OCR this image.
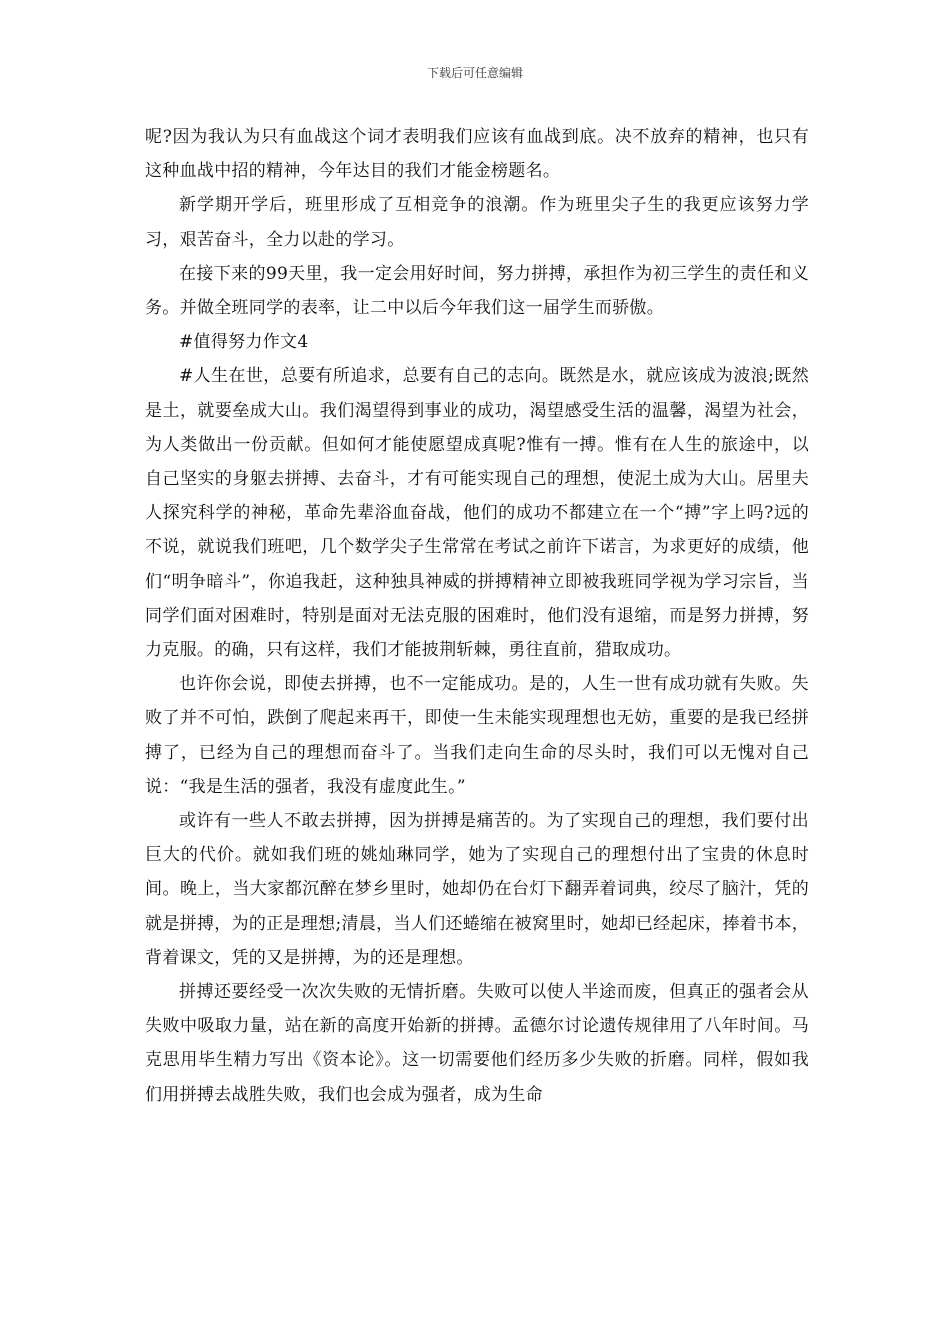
下载后可任意编辑

呢?因为我认为只有血战这个词才表明我们应该有血战到底。决不放弃的精神，也只有这种血战中招的精神，今年达目的我们才能金榜题名。

新学期开学后，班里形成了互相竞争的浪潮。作为班里尖子生的我更应该努力学习，艰苦奋斗，全力以赴的学习。

在接下来的99天里，我一定会用好时间，努力拼搏，承担作为初三学生的责任和义务。并做全班同学的表率，让二中以后今年我们这一届学生而骄傲。

#值得努力作文4

#人生在世，总要有所追求，总要有自己的志向。既然是水，就应该成为波浪;既然是土，就要垒成大山。我们渴望得到事业的成功，渴望感受生活的温馨，渴望为社会，为人类做出一份贡献。但如何才能使愿望成真呢?惟有一搏。惟有在人生的旅途中，以自己坚实的身躯去拼搏、去奋斗，才有可能实现自己的理想，使泥土成为大山。居里夫人探究科学的神秘，革命先辈浴血奋战，他们的成功不都建立在一个“搏”字上吗?远的不说，就说我们班吧，几个数学尖子生常常在考试之前许下诺言，为求更好的成绩，他们“明争暗斗”，你追我赶，这种独具神威的拼搏精神立即被我班同学视为学习宗旨，当同学们面对困难时，特别是面对无法克服的困难时，他们没有退缩，而是努力拼搏，努力克服。的确，只有这样，我们才能披荆斩棘，勇往直前，猎取成功。

也许你会说，即使去拼搏，也不一定能成功。是的，人生一世有成功就有失败。失败了并不可怕，跌倒了爬起来再干，即使一生未能实现理想也无妨，重要的是我已经拼搏了，已经为自己的理想而奋斗了。当我们走向生命的尽头时，我们可以无愧对自己说：“我是生活的强者，我没有虚度此生。”

或许有一些人不敢去拼搏，因为拼搏是痛苦的。为了实现自己的理想，我们要付出巨大的代价。就如我们班的姚灿琳同学，她为了实现自己的理想付出了宝贵的休息时间。晚上，当大家都沉醉在梦乡里时，她却仍在台灯下翻弄着词典，绞尽了脑汁，凭的就是拼搏，为的正是理想;清晨，当人们还蜷缩在被窝里时，她却已经起床，捧着书本，背着课文，凭的又是拼搏，为的还是理想。

拼搏还要经受一次次失败的无情折磨。失败可以使人半途而废，但真正的强者会从失败中吸取力量，站在新的高度开始新的拼搏。孟德尔讨论遗传规律用了八年时间。马克思用毕生精力写出《资本论》。这一切需要他们经历多少失败的折磨。同样，假如我们用拼搏去战胜失败，我们也会成为强者，成为生命
